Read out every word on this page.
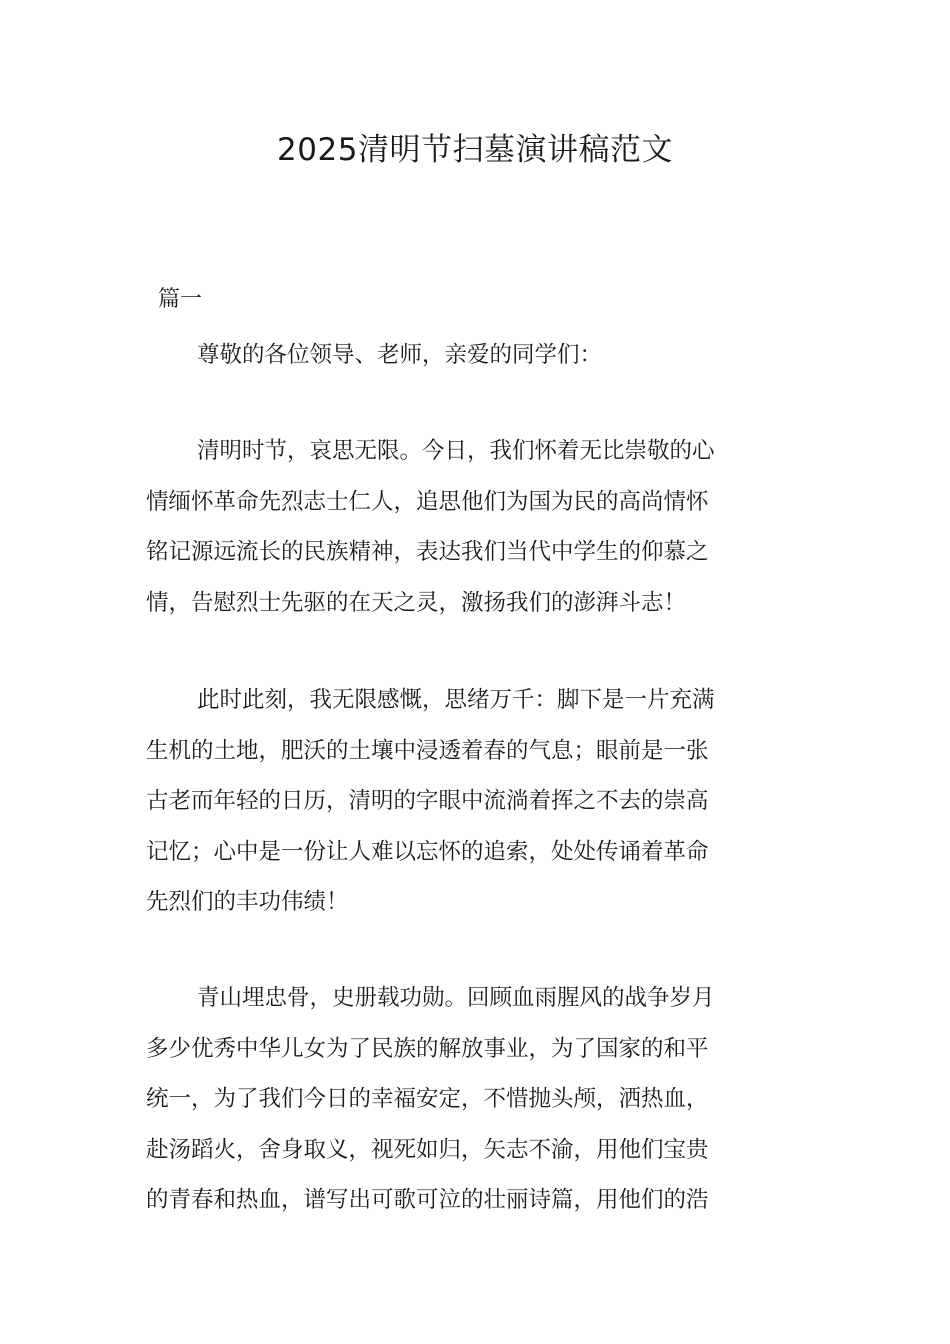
2025清明节扫墓演讲稿范文
篇一
尊敬的各位领导、老师，亲爱的同学们：
清明时节，哀思无限。今日，我们怀着无比崇敬的心
情缅怀革命先烈志士仁人，追思他们为国为民的高尚情怀
铭记源远流长的民族精神，表达我们当代中学生的仰慕之
情，告慰烈士先驱的在天之灵，激扬我们的澎湃斗志！
此时此刻，我无限感慨，思绪万千：脚下是一片充满
生机的土地，肥沃的土壤中浸透着春的气息；眼前是一张
古老而年轻的日历，清明的字眼中流淌着挥之不去的崇高
记忆；心中是一份让人难以忘怀的追索，处处传诵着革命
先烈们的丰功伟绩！
青山埋忠骨，史册载功勋。回顾血雨腥风的战争岁月
多少优秀中华儿女为了民族的解放事业，为了国家的和平
统一，为了我们今日的幸福安定，不惜抛头颅，洒热血，
赴汤蹈火，舍身取义，视死如归，矢志不渝，用他们宝贵
的青春和热血，谱写出可歌可泣的壮丽诗篇，用他们的浩
